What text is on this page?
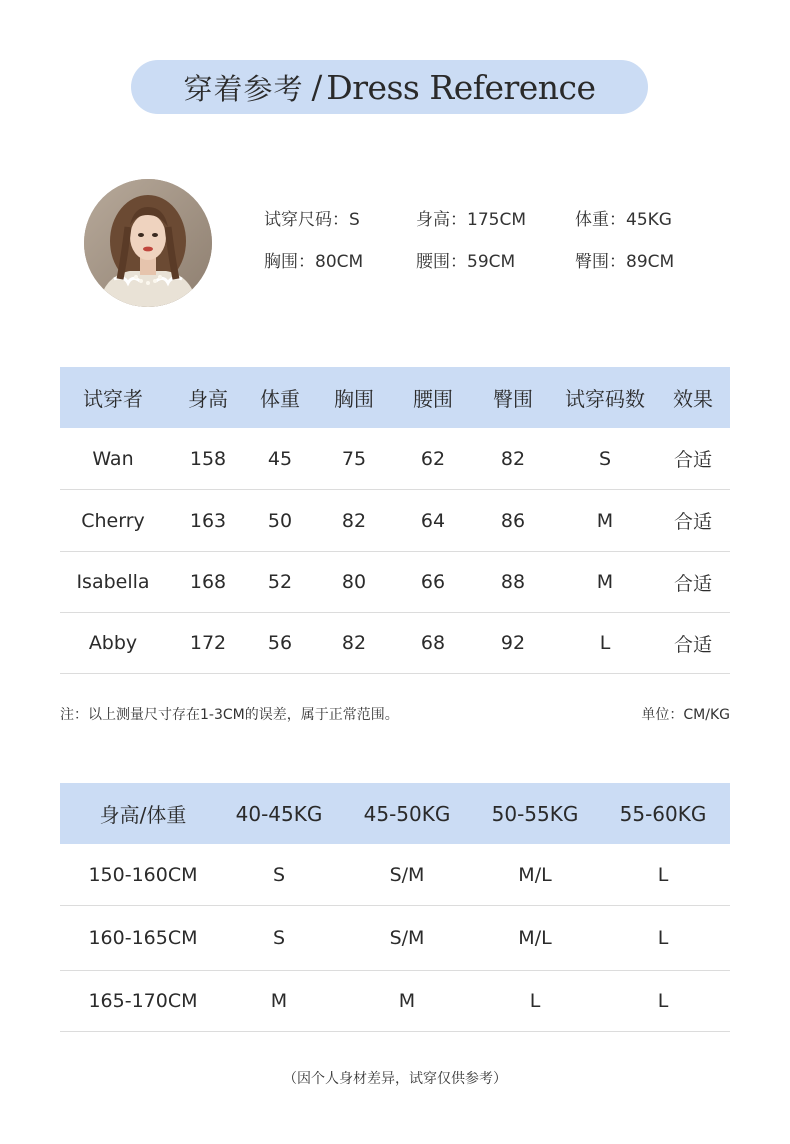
穿着参考 / Dress Reference
试穿尺码：S	身高：175CM	体重：45KG
胸围：80CM	腰围：59CM	臀围：89CM
试穿者	身高	体重	胸围	腰围	臀围	试穿码数	效果
Wan	158	45	75	62	82	S	合适
Cherry	163	50	82	64	86	M	合适
Isabella	168	52	80	66	88	M	合适
Abby	172	56	82	68	92	L	合适
注：以上测量尺寸存在1-3CM的误差，属于正常范围。	单位：CM/KG
身高/体重	40-45KG	45-50KG	50-55KG	55-60KG
150-160CM	S	S/M	M/L	L
160-165CM	S	S/M	M/L	L
165-170CM	M	M	L	L
（因个人身材差异，试穿仅供参考）
